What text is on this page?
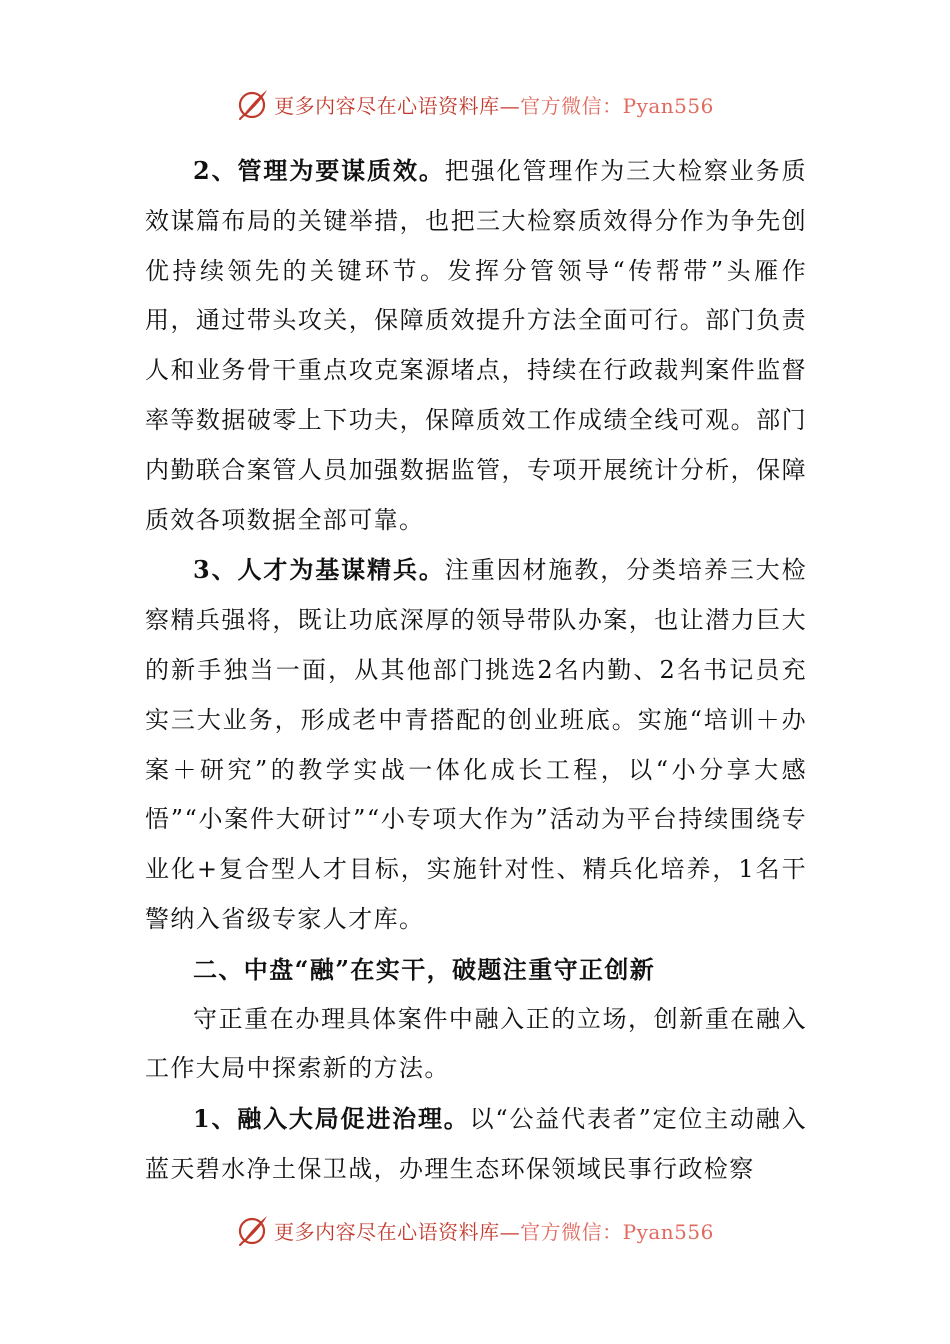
更多内容尽在心语资料库—官方微信：Pyan556

2、管理为要谋质效。把强化管理作为三大检察业务质效谋篇布局的关键举措，也把三大检察质效得分作为争先创优持续领先的关键环节。发挥分管领导“传帮带”头雁作用，通过带头攻关，保障质效提升方法全面可行。部门负责人和业务骨干重点攻克案源堵点，持续在行政裁判案件监督率等数据破零上下功夫，保障质效工作成绩全线可观。部门内勤联合案管人员加强数据监管，专项开展统计分析，保障质效各项数据全部可靠。

3、人才为基谋精兵。注重因材施教，分类培养三大检察精兵强将，既让功底深厚的领导带队办案，也让潜力巨大的新手独当一面，从其他部门挑选2名内勤、2名书记员充实三大业务，形成老中青搭配的创业班底。实施“培训＋办案＋研究”的教学实战一体化成长工程，以“小分享大感悟”“小案件大研讨”“小专项大作为”活动为平台持续围绕专业化+复合型人才目标，实施针对性、精兵化培养，1名干警纳入省级专家人才库。

二、中盘“融”在实干，破题注重守正创新

守正重在办理具体案件中融入正的立场，创新重在融入工作大局中探索新的方法。

1、融入大局促进治理。以“公益代表者”定位主动融入蓝天碧水净土保卫战，办理生态环保领域民事行政检察

更多内容尽在心语资料库—官方微信：Pyan556
